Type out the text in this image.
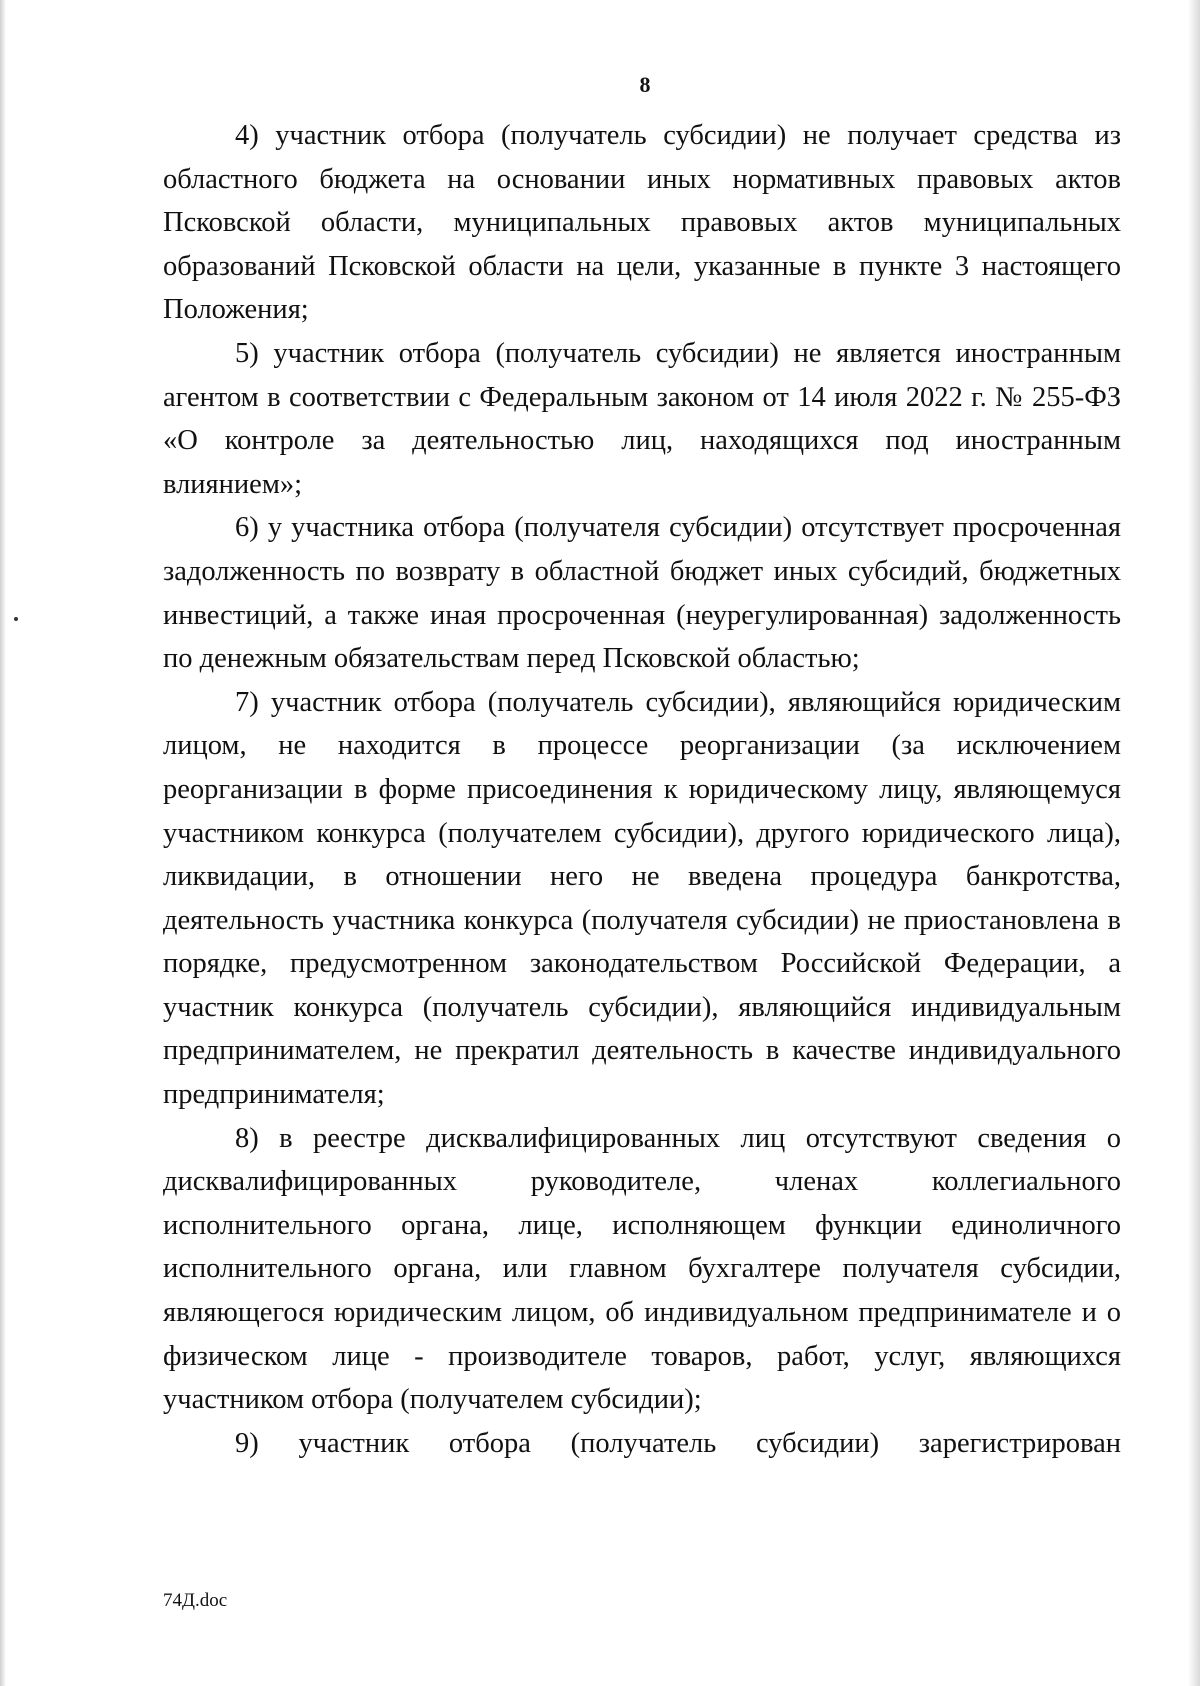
8

4) участник отбора (получатель субсидии) не получает средства из областного бюджета на основании иных нормативных правовых актов Псковской области, муниципальных правовых актов муниципальных образований Псковской области на цели, указанные в пункте 3 настоящего Положения;

5) участник отбора (получатель субсидии) не является иностранным агентом в соответствии с Федеральным законом от 14 июля 2022 г. № 255-ФЗ «О контроле за деятельностью лиц, находящихся под иностранным влиянием»;

6) у участника отбора (получателя субсидии) отсутствует просроченная задолженность по возврату в областной бюджет иных субсидий, бюджетных инвестиций, а также иная просроченная (неурегулированная) задолженность по денежным обязательствам перед Псковской областью;

7) участник отбора (получатель субсидии), являющийся юридическим лицом, не находится в процессе реорганизации (за исключением реорганизации в форме присоединения к юридическому лицу, являющемуся участником конкурса (получателем субсидии), другого юридического лица), ликвидации, в отношении него не введена процедура банкротства, деятельность участника конкурса (получателя субсидии) не приостановлена в порядке, предусмотренном законодательством Российской Федерации, а участник конкурса (получатель субсидии), являющийся индивидуальным предпринимателем, не прекратил деятельность в качестве индивидуального предпринимателя;

8) в реестре дисквалифицированных лиц отсутствуют сведения о дисквалифицированных руководителе, членах коллегиального исполнительного органа, лице, исполняющем функции единоличного исполнительного органа, или главном бухгалтере получателя субсидии, являющегося юридическим лицом, об индивидуальном предпринимателе и о физическом лице - производителе товаров, работ, услуг, являющихся участником отбора (получателем субсидии);

9) участник отбора (получатель субсидии) зарегистрирован

74Д.doc
